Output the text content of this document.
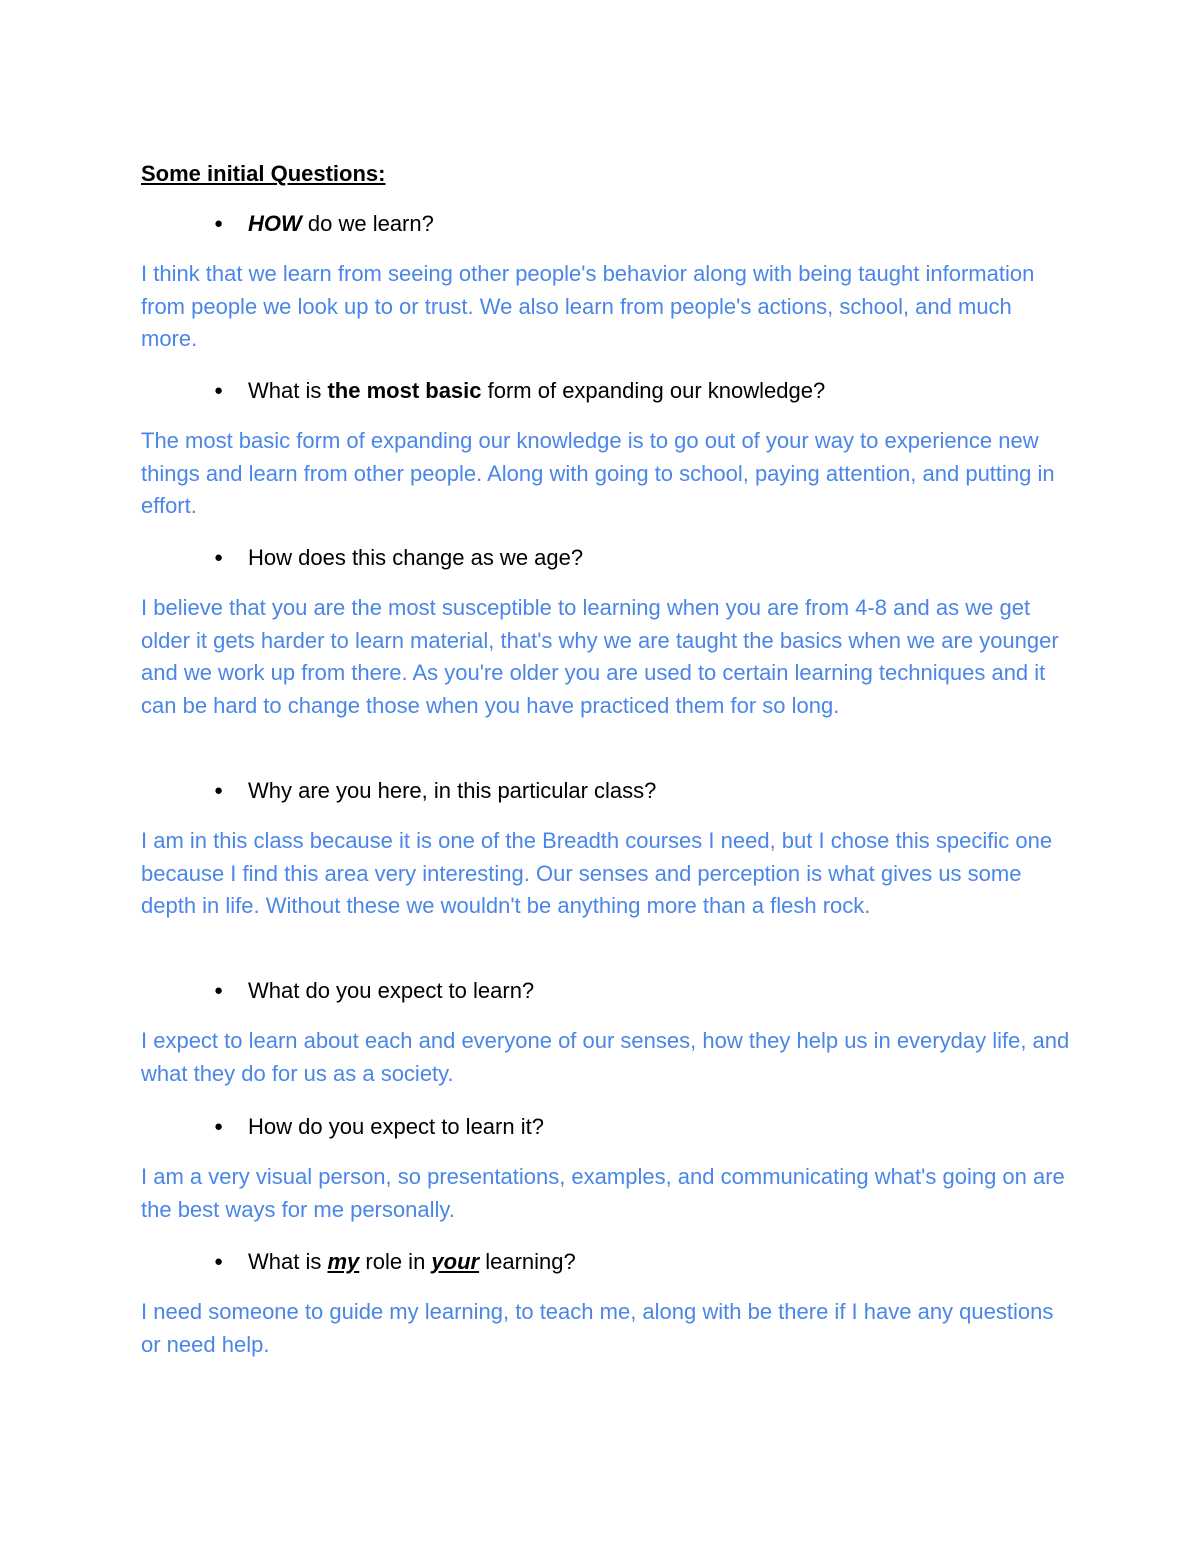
Some initial Questions:

● HOW do we learn?

I think that we learn from seeing other people's behavior along with being taught information from people we look up to or trust. We also learn from people's actions, school, and much more.

● What is the most basic form of expanding our knowledge?

The most basic form of expanding our knowledge is to go out of your way to experience new things and learn from other people. Along with going to school, paying attention, and putting in effort.

● How does this change as we age?

I believe that you are the most susceptible to learning when you are from 4-8 and as we get older it gets harder to learn material, that's why we are taught the basics when we are younger and we work up from there. As you're older you are used to certain learning techniques and it can be hard to change those when you have practiced them for so long.

● Why are you here, in this particular class?

I am in this class because it is one of the Breadth courses I need, but I chose this specific one because I find this area very interesting. Our senses and perception is what gives us some depth in life. Without these we wouldn't be anything more than a flesh rock.

● What do you expect to learn?

I expect to learn about each and everyone of our senses, how they help us in everyday life, and what they do for us as a society.

● How do you expect to learn it?

I am a very visual person, so presentations, examples, and communicating what's going on are the best ways for me personally.

● What is my role in your learning?

I need someone to guide my learning, to teach me, along with be there if I have any questions or need help.
